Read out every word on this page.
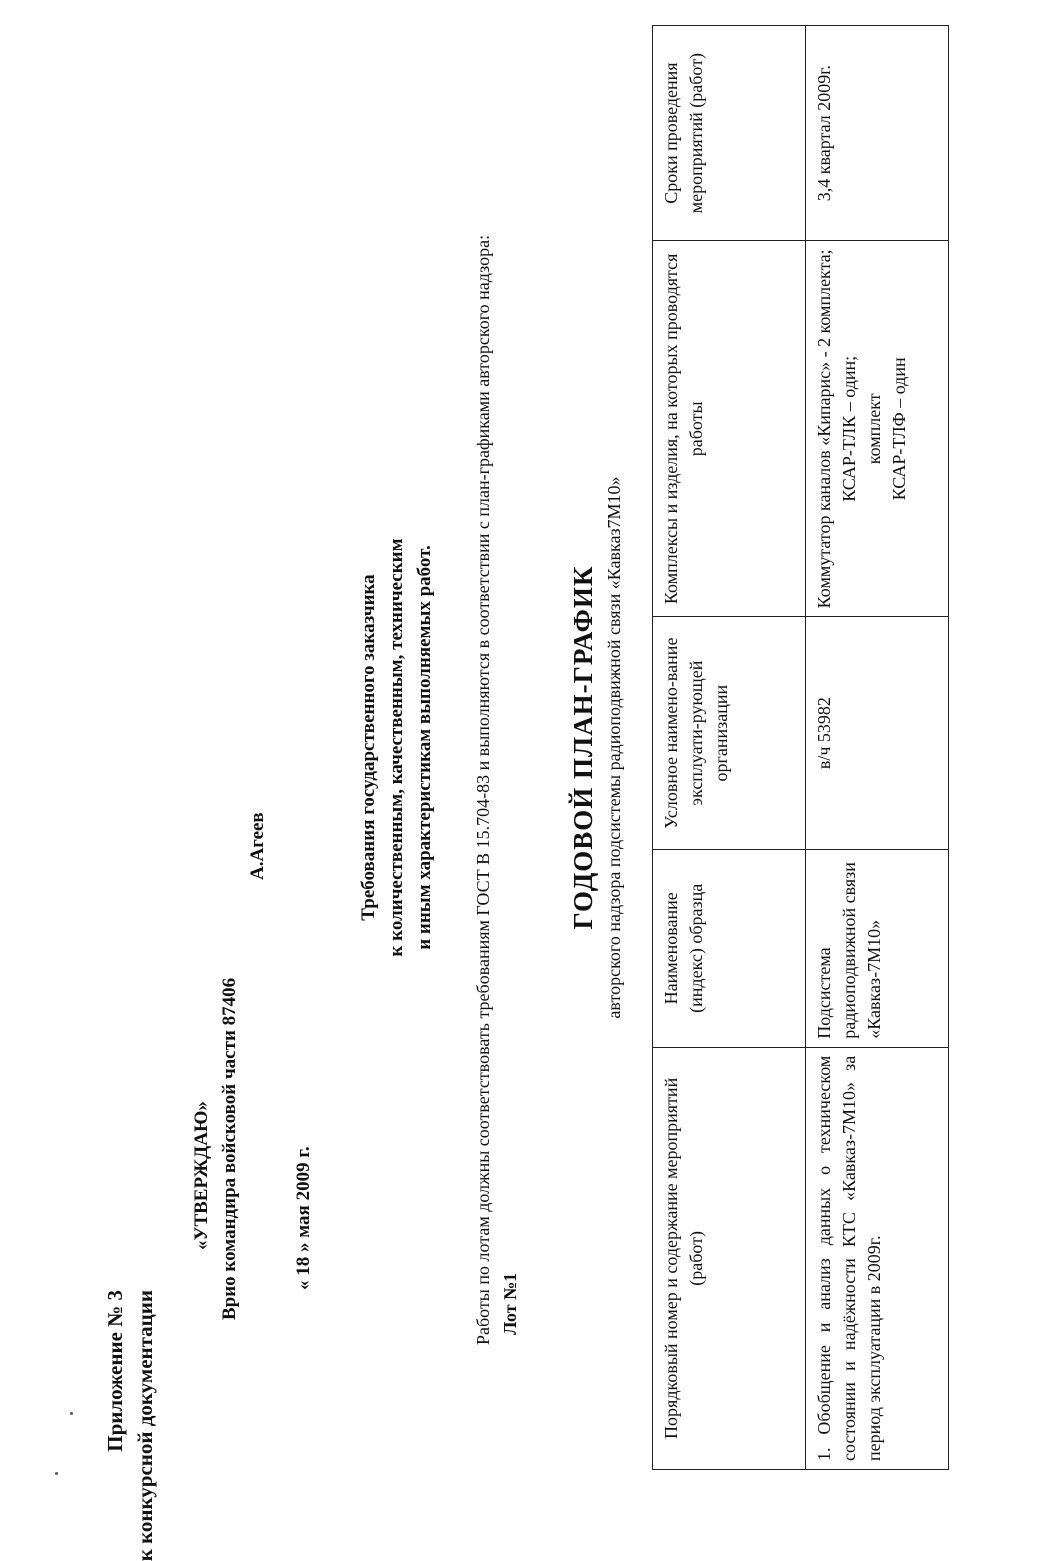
Приложение № 3 к конкурсной документации
«УТВЕРЖДАЮ» Врио командира войсковой части 87406
А.Агеев
« 18 » мая 2009 г.
Требования государственного заказчика к количественным, качественным, техническим и иным характеристикам выполняемых работ. Работы по лотам должны соответствовать требованиям ГОСТ В 15.704-83 и выполняются в соответствии с план-графиками авторского надзора: Лот №1
ГОДОВОЙ ПЛАН-ГРАФИК авторского надзора подсистемы радиоподвижной связи «Кавказ7М10»
Порядковый номер и содержание мероприятий (работ)	Наименование (индекс) образца	Условное наимено-вание эксплуати-рующей организации	Комплексы и изделия, на которых проводятся работы	Сроки проведения мероприятий (работ)
1. Обобщение и анализ данных о техническом состоянии и надёжности КТС «Кавказ-7М10» за период эксплуатации в 2009г.	Подсистема радиоподвижной связи «Кавказ-7М10»	в/ч 53982	Коммутатор каналов «Кипарис» - 2 комплекта; КСАР-ТЛК – один; комплект КСАР-ТЛФ – один	3,4 квартал 2009г.
